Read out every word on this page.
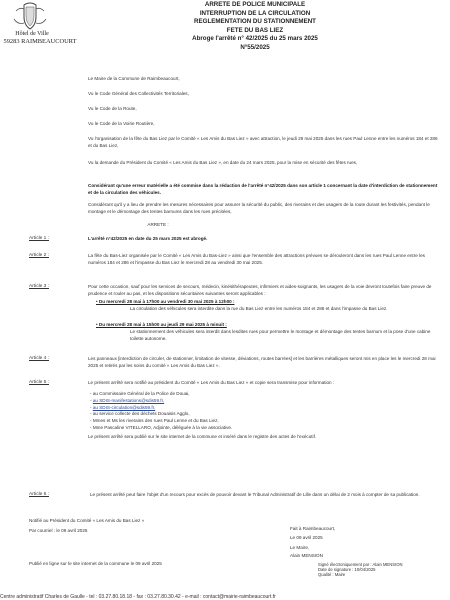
Hôtel de Ville
59283 RAIMBEAUCOURT
ARRETE DE POLICE MUNICIPALE
INTERRUPTION DE LA CIRCULATION
REGLEMENTATION DU STATIONNEMENT
FETE DU BAS LIEZ
Abroge l'arrêté n° 42/2025 du 25 mars 2025
N°55/2025
Le Maire de la Commune de Raimbeaucourt,
Vu le Code Général des Collectivités Territoriales,
Vu le Code de la Route,
Vu le Code de la Voirie Routière,
Vu l'organisation de la fête du Bas Liez par le Comité « Les Amis du Bas Liez » avec attraction, le jeudi 29 mai 2025 dans les rues Paul Lenne entre les numéros 184 et 286 et du Bas Liez,
Vu la demande du Président du Comité « Les Amis du Bas Liez », en date du 24 mars 2025, pour la mise en sécurité des fêtes rues,
Considérant qu'une erreur matérielle a été commise dans la rédaction de l'arrêté n°42/2025 dans son article 1 concernant la date d'interdiction de stationnement et de la circulation des véhicules.
Considérant qu'il y a lieu de prendre les mesures nécessaires pour assurer la sécurité du public, des riverains et des usagers de la route durant les festivités, pendant le montage et le démontage des tentes barnums dans les rues précitées,
ARRETE :
Article 1 :	L'arrêté n°42/2025 en date du 25 mars 2025 est abrogé.
Article 2 :	La fête du Bas-Liez organisée par le Comité « Les Amis du Bas-Liez » ainsi que l'ensemble des attractions prévues se dérouleront dans les rues Paul Lenne entre les numéros 184 et 286 et l'impasse du Bas Liez le mercredi 28 au vendredi 30 mai 2025.
Article 3 :	Pour cette occasion, sauf pour les services de secours, médecin, kinésithérapeutes, infirmiers et aides-soignants, les usagers de la voie devront toutefois faire preuve de prudence et rouler au pas, et les dispositions sécuritaires suivantes seront applicables :
• Du mercredi 28 mai à 17h00 au vendredi 30 mai 2025 à 12h00 :
La circulation des véhicules sera interdite dans la rue du Bas Liez entre les numéros 184 et 286 et dans l'impasse du Bas Liez.
• Du mercredi 28 mai à 15h00 au jeudi 29 mai 2025 à minuit :
Le stationnement des véhicules sera interdit dans lesdites rues pour permettre le montage et démontage des tentes barnum et la pose d'une cabine toilette autonome.
Article 4 :	Les panneaux [interdiction de circuler, de stationner, limitation de vitesse, déviations, routes barrées] et les barrières métalliques seront mis en place les le mercredi 28 mai 2025 et retirés par les soins du comité « Les Amis du Bas Liez ».
Article 5 :	Le présent arrêté sera notifié au président du Comité « Les Amis du Bas Liez » et copie sera transmise pour information :
- au Commissaire Général de la Police de Douai,
- au SDIS-manifestations@sdis59.fr,
- au SDIS-circulation@sdis59.fr,
- au service collecte des déchets Douaisis Agglo,
- Mmes et Ms les riverains des rues Paul Lenne et du Bas Liez,
- Mme Pascaline VITELLARO, Adjointe, déléguée à la vie associative.
Le présent arrêté sera publié sur le site internet de la commune et inséré dans le registre des actes de l'exécutif.
Article 6 :	Le présent arrêté peut faire l'objet d'un recours pour excès de pouvoir devant le Tribunal Administratif de Lille dans un délai de 2 mois à compter de sa publication.
Notifié au Président du Comité « Les Amis du Bas Liez »
Par courriel : le 09 avril 2025
Publié en ligne sur le site internet de la commune le 09 avril 2025
Fait à Raimbeaucourt,
Le 09 avril 2025
Le Maire,
Alain MENSION
Signé électroniquement par : Alain MENSION
Date de signature : 10/04/2025
Qualité : Maire
Centre administratif Charles de Gaulle - tel : 03.27.80.18.18 - fax : 03.27.80.30.42 - e-mail : contact@mairie-raimbeaucourt.fr
